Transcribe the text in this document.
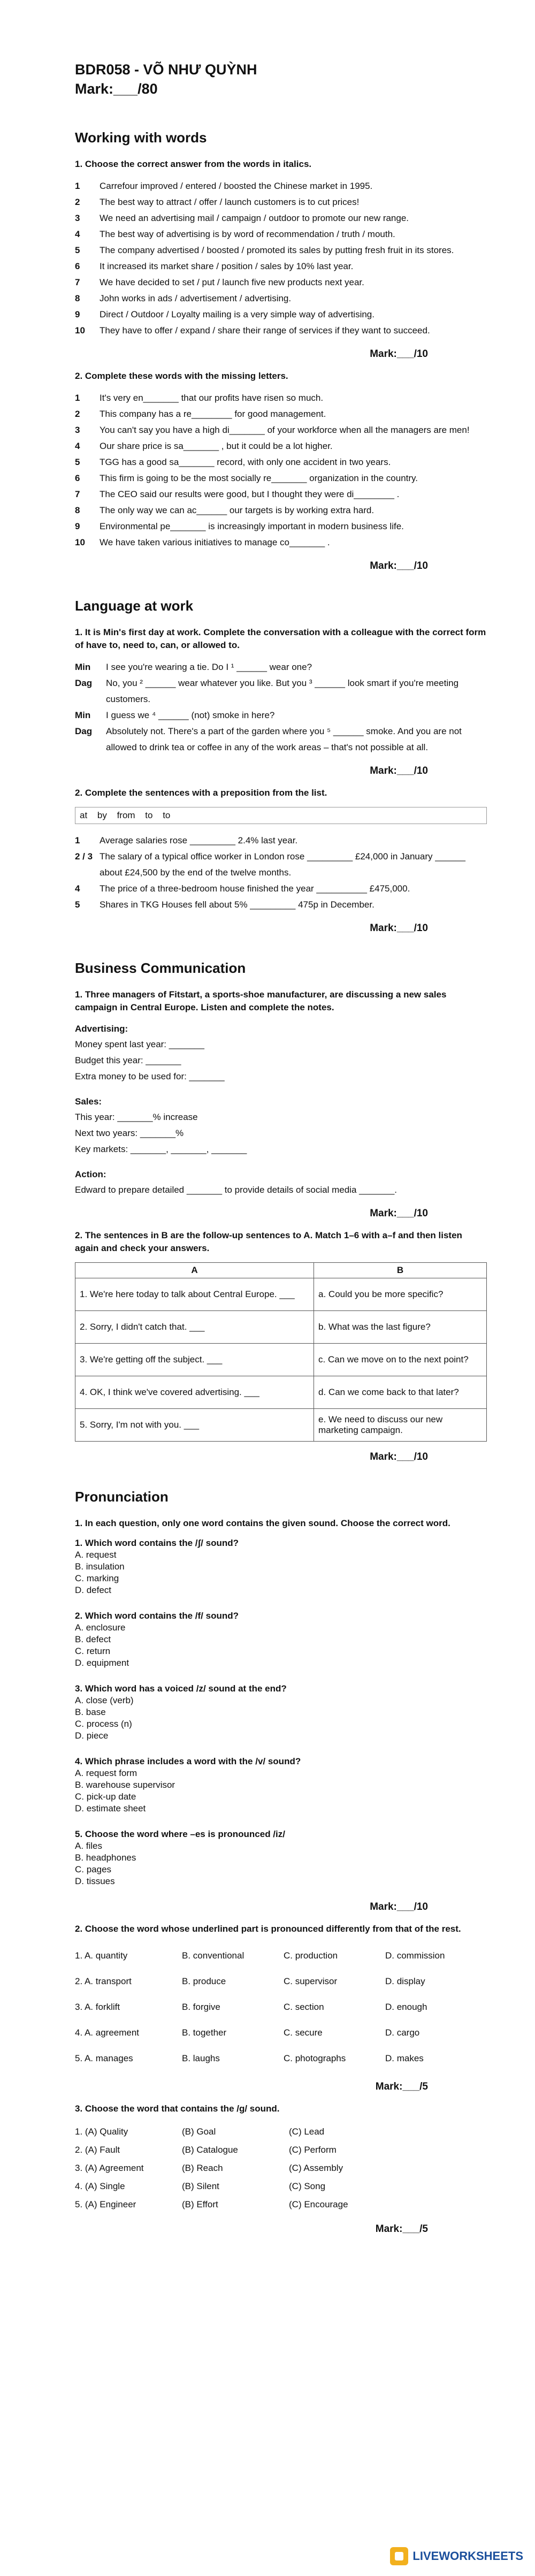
BDR058 - VÕ NHƯ QUỲNH
Mark:___/80
Working with words
1. Choose the correct answer from the words in italics.
1	Carrefour improved / entered / boosted the Chinese market in 1995.
2	The best way to attract / offer / launch customers is to cut prices!
3	We need an advertising mail / campaign / outdoor to promote our new range.
4	The best way of advertising is by word of recommendation / truth / mouth.
5	The company advertised / boosted / promoted its sales by putting fresh fruit in its stores.
6	It increased its market share / position / sales by 10% last year.
7	We have decided to set / put / launch five new products next year.
8	John works in ads / advertisement / advertising.
9	Direct / Outdoor / Loyalty mailing is a very simple way of advertising.
10	They have to offer / expand / share their range of services if they want to succeed.
Mark:___/10
2. Complete these words with the missing letters.
1	It's very en_______ that our profits have risen so much.
2	This company has a re________ for good management.
3	You can't say you have a high di_______ of your workforce when all the managers are men!
4	Our share price is sa_______ , but it could be a lot higher.
5	TGG has a good sa_______ record, with only one accident in two years.
6	This firm is going to be the most socially re_______ organization in the country.
7	The CEO said our results were good, but I thought they were di________ .
8	The only way we can ac______ our targets is by working extra hard.
9	Environmental pe_______ is increasingly important in modern business life.
10	We have taken various initiatives to manage co_______ .
Mark:___/10
Language at work
1. It is Min's first day at work. Complete the conversation with a colleague with the correct form of have to, need to, can, or allowed to.
Min	I see you're wearing a tie. Do I ¹ ______ wear one?
Dag	No, you ² ______ wear whatever you like. But you ³ ______ look smart if you're meeting customers.
Min	I guess we ⁴ ______ (not) smoke in here?
Dag	Absolutely not. There's a part of the garden where you ⁵ ______ smoke. And you are not allowed to drink tea or coffee in any of the work areas – that's not possible at all.
Mark:___/10
2. Complete the sentences with a preposition from the list.
at by from to to
1	Average salaries rose _________ 2.4% last year.
2 / 3 The salary of a typical office worker in London rose _________ £24,000 in January ______ about £24,500 by the end of the twelve months.
4	The price of a three-bedroom house finished the year __________ £475,000.
5	Shares in TKG Houses fell about 5% _________ 475p in December.
Mark:___/10
Business Communication
1. Three managers of Fitstart, a sports-shoe manufacturer, are discussing a new sales campaign in Central Europe. Listen and complete the notes.
Advertising:
Money spent last year: _______
Budget this year: _______
Extra money to be used for: _______
Sales:
This year: _______% increase
Next two years: _______%
Key markets: _______, _______, _______
Action:
Edward to prepare detailed _______ to provide details of social media _______.
Mark:___/10
2. The sentences in B are the follow-up sentences to A. Match 1–6 with a–f and then listen again and check your answers.
A	B
1. We're here today to talk about Central Europe. ___	a. Could you be more specific?
2. Sorry, I didn't catch that. ___	b. What was the last figure?
3. We're getting off the subject. ___	c. Can we move on to the next point?
4. OK, I think we've covered advertising. ___	d. Can we come back to that later?
5. Sorry, I'm not with you. ___	e. We need to discuss our new marketing campaign.
Mark:___/10
Pronunciation
1. In each question, only one word contains the given sound. Choose the correct word.
1. Which word contains the /ʃ/ sound?
A. request
B. insulation
C. marking
D. defect
2. Which word contains the /f/ sound?
A. enclosure
B. defect
C. return
D. equipment
3. Which word has a voiced /z/ sound at the end?
A. close (verb)
B. base
C. process (n)
D. piece
4. Which phrase includes a word with the /v/ sound?
A. request form
B. warehouse supervisor
C. pick-up date
D. estimate sheet
5. Choose the word where –es is pronounced /iz/
A. files
B. headphones
C. pages
D. tissues
Mark:___/10
2. Choose the word whose underlined part is pronounced differently from that of the rest.
1. A. quantity	B. conventional	C. production	D. commission
2. A. transport	B. produce	C. supervisor	D. display
3. A. forklift	B. forgive	C. section	D. enough
4. A. agreement	B. together	C. secure	D. cargo
5. A. manages	B. laughs	C. photographs	D. makes
Mark:___/5
3. Choose the word that contains the /g/ sound.
1. (A) Quality	(B) Goal	(C) Lead
2. (A) Fault	(B) Catalogue	(C) Perform
3. (A) Agreement	(B) Reach	(C) Assembly
4. (A) Single	(B) Silent	(C) Song
5. (A) Engineer	(B) Effort	(C) Encourage
Mark:___/5
LIVEWORKSHEETS
